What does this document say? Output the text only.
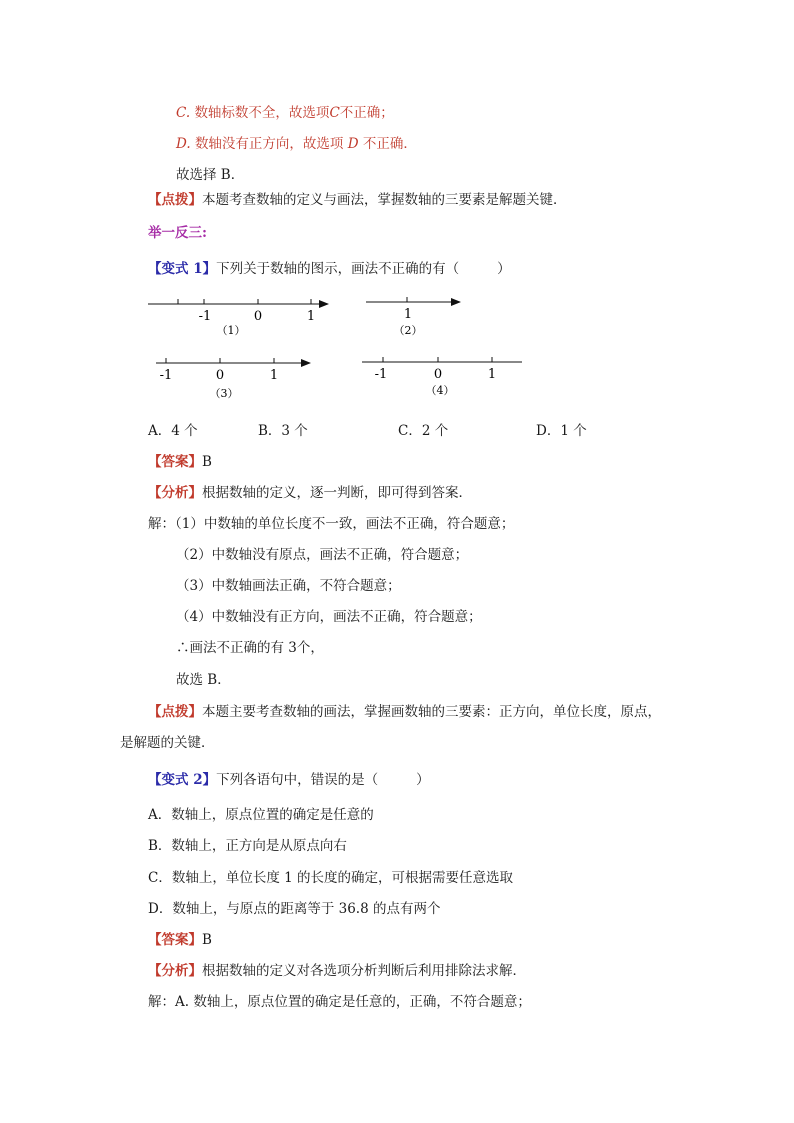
C. 数轴标数不全，故选项C不正确；
D. 数轴没有正方向，故选项 D 不正确．
故选择 B．
【点拨】本题考查数轴的定义与画法，掌握数轴的三要素是解题关键．
举一反三:
【变式 1】下列关于数轴的图示，画法不正确的有（	）
-1	0	1
（1）
1
（2）
-1	0	1
（3）
-1	0	1
（4）
A．4 个	B．3 个	C．2 个	D．1 个
【答案】B
【分析】根据数轴的定义，逐一判断，即可得到答案．
解：（1）中数轴的单位长度不一致，画法不正确，符合题意；
（2）中数轴没有原点，画法不正确，符合题意；
（3）中数轴画法正确，不符合题意；
（4）中数轴没有正方向，画法不正确，符合题意；
∴画法不正确的有 3个，
故选 B．
【点拨】本题主要考查数轴的画法，掌握画数轴的三要素：正方向，单位长度，原点，
是解题的关键．
【变式 2】下列各语句中，错误的是（	）
A．数轴上，原点位置的确定是任意的
B．数轴上，正方向是从原点向右
C．数轴上，单位长度 1 的长度的确定，可根据需要任意选取
D．数轴上，与原点的距离等于 36.8 的点有两个
【答案】B
【分析】根据数轴的定义对各选项分析判断后利用排除法求解．
解：A. 数轴上，原点位置的确定是任意的，正确，不符合题意；
